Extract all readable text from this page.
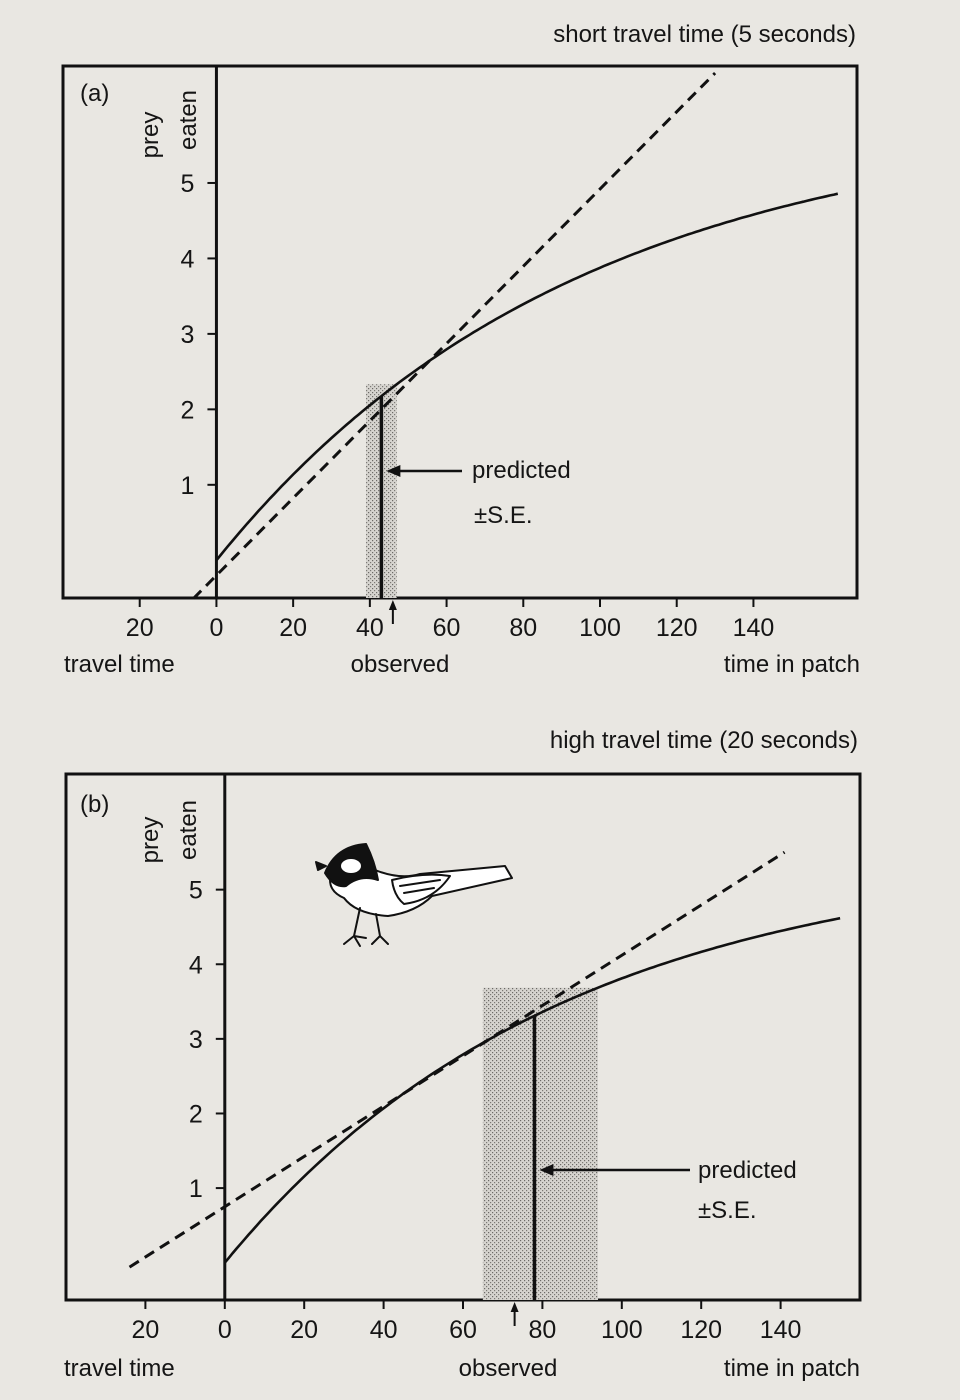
short travel time (5 seconds)
1
2
3
4
5
20 0 20 40 60 80 100 120 140
(a)
prey eaten
predicted
±S.E.
travel time	observed	time in patch
high travel time (20 seconds)
1
2
3
4
5
20 0 20 40 60 80 100 120 140
(b)
prey eaten
predicted
±S.E.
travel time	observed	time in patch
